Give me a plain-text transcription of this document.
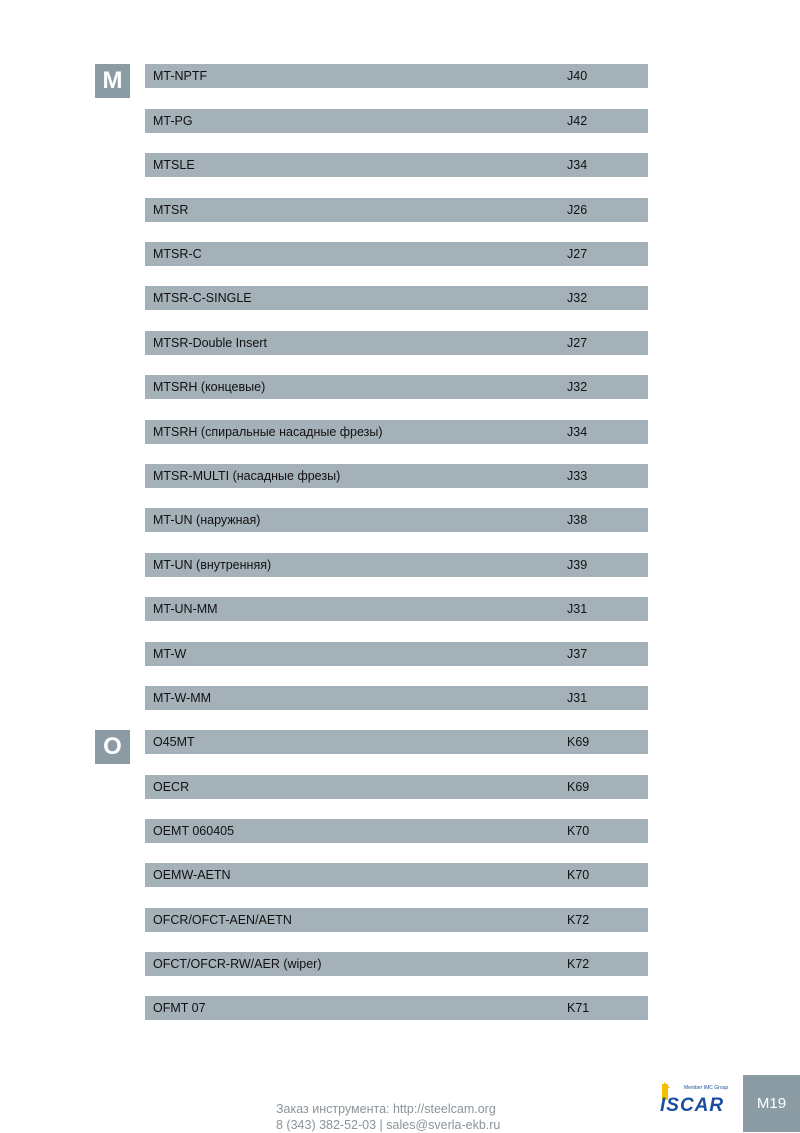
M	MT-NPTF	J40
MT-PG	J42
MTSLE	J34
MTSR	J26
MTSR-C	J27
MTSR-C-SINGLE	J32
MTSR-Double Insert	J27
MTSRH (концевые)	J32
MTSRH (спиральные насадные фрезы)	J34
MTSR-MULTI (насадные фрезы)	J33
MT-UN (наружная)	J38
MT-UN (внутренняя)	J39
MT-UN-MM	J31
MT-W	J37
MT-W-MM	J31
O	O45MT	K69
OECR	K69
OEMT 060405	K70
OEMW-AETN	K70
OFCR/OFCT-AEN/AETN	K72
OFCT/OFCR-RW/AER (wiper)	K72
OFMT 07	K71
Заказ инструмента: http://steelcam.org
8 (343) 382-52-03 | sales@sverla-ekb.ru
Member IMC Group
ISCAR	M19
